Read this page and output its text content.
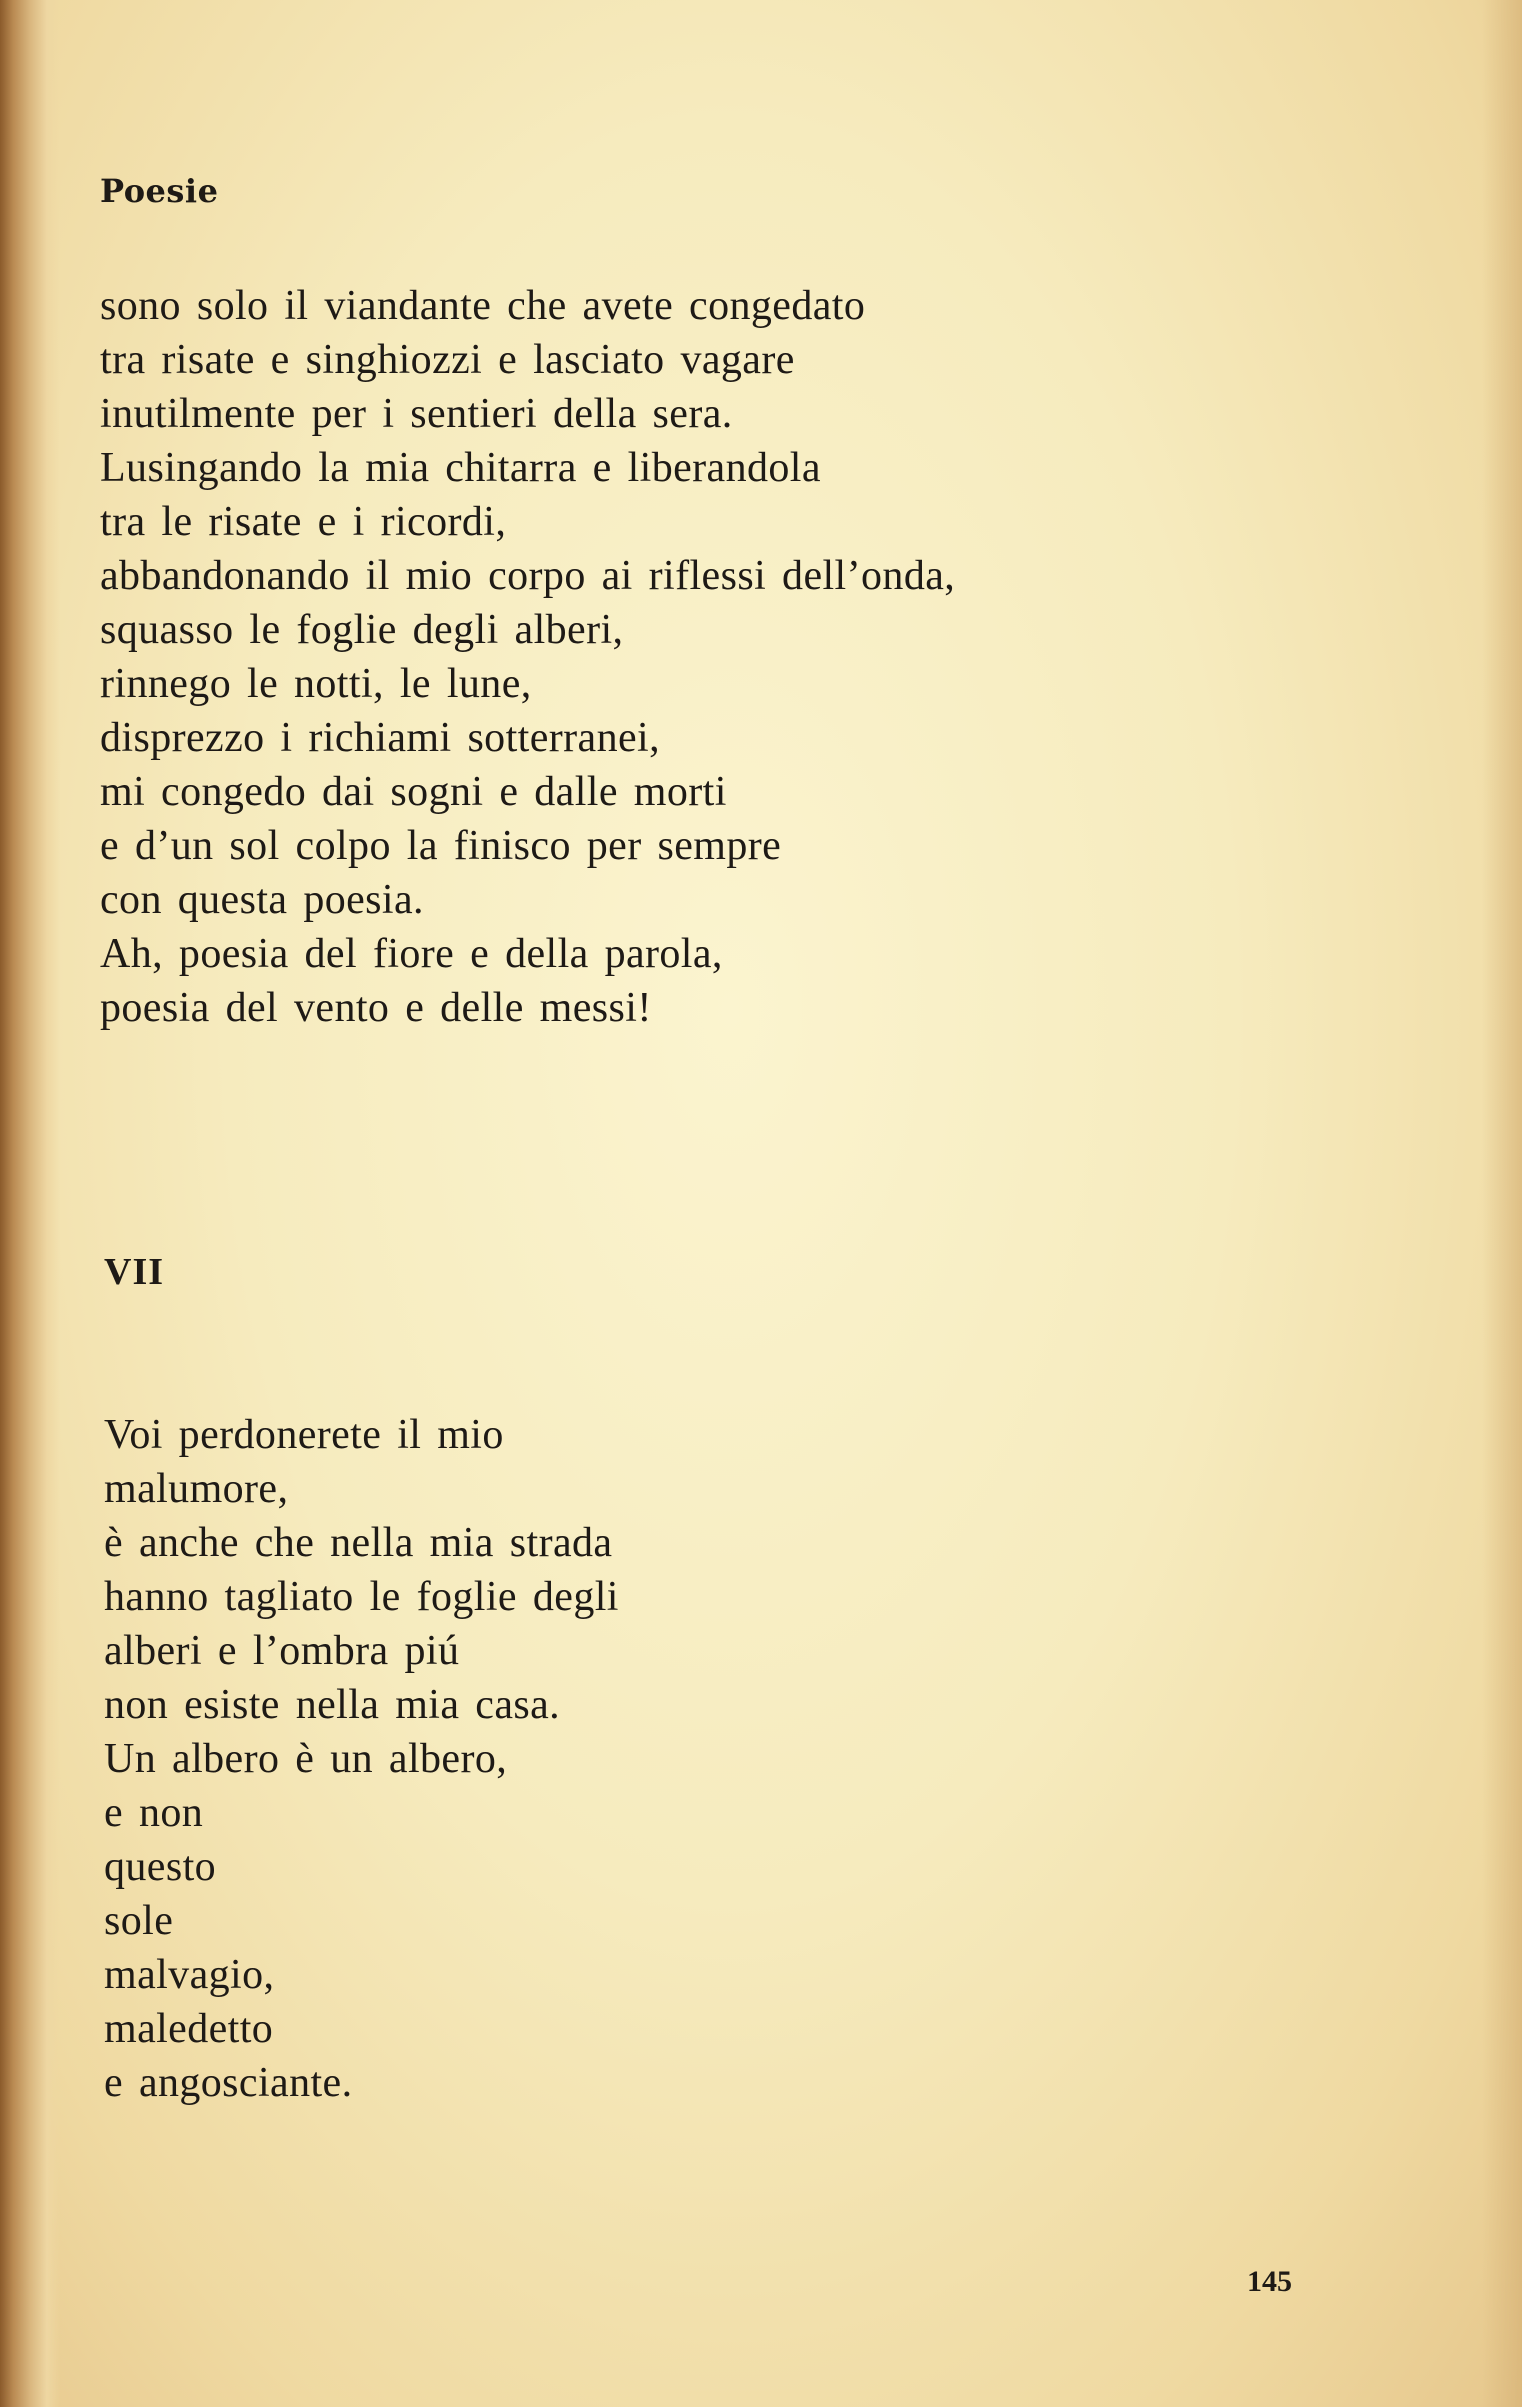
Poesie

sono solo il viandante che avete congedato
tra risate e singhiozzi e lasciato vagare
inutilmente per i sentieri della sera.
Lusingando la mia chitarra e liberandola
tra le risate e i ricordi,
abbandonando il mio corpo ai riflessi dell’onda,
squasso le foglie degli alberi,
rinnego le notti, le lune,
disprezzo i richiami sotterranei,
mi congedo dai sogni e dalle morti
e d’un sol colpo la finisco per sempre
con questa poesia.
Ah, poesia del fiore e della parola,
poesia del vento e delle messi!

VII

Voi perdonerete il mio
malumore,
è anche che nella mia strada
hanno tagliato le foglie degli
alberi e l’ombra piú
non esiste nella mia casa.
Un albero è un albero,
e non
questo
sole
malvagio,
maledetto
e angosciante.

145
